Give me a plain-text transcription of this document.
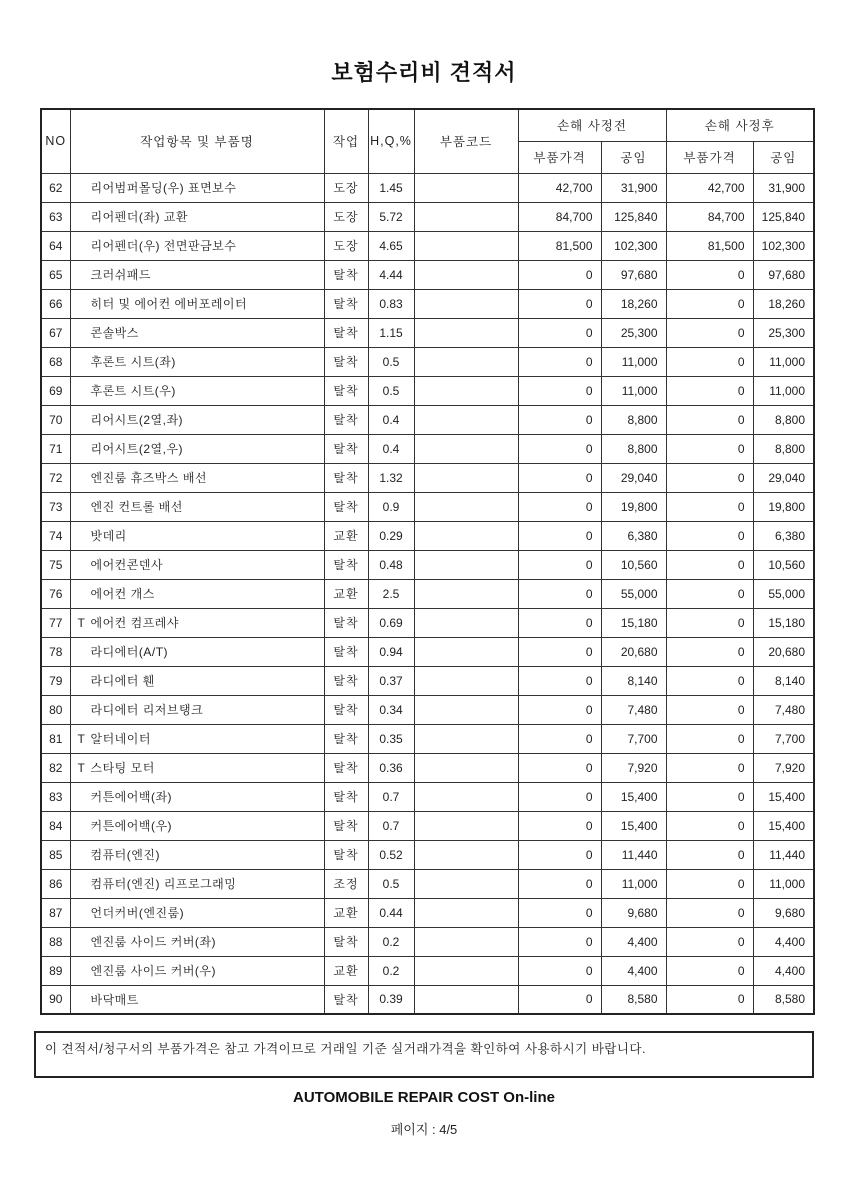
보험수리비 견적서
NO	작업항목 및 부품명	작업	H,Q,%	부품코드	손해 사정전		손해 사정후	
					부품가격	공임	부품가격	공임
62	리어범퍼몰딩(우) 표면보수	도장	1.45		42,700	31,900	42,700	31,900
63	리어펜더(좌) 교환	도장	5.72		84,700	125,840	84,700	125,840
64	리어펜더(우) 전면판금보수	도장	4.65		81,500	102,300	81,500	102,300
65	크러쉬패드	탈착	4.44		0	97,680	0	97,680
66	히터 및 에어컨 에버포레이터	탈착	0.83		0	18,260	0	18,260
67	콘솔박스	탈착	1.15		0	25,300	0	25,300
68	후론트 시트(좌)	탈착	0.5		0	11,000	0	11,000
69	후론트 시트(우)	탈착	0.5		0	11,000	0	11,000
70	리어시트(2열,좌)	탈착	0.4		0	8,800	0	8,800
71	리어시트(2열,우)	탈착	0.4		0	8,800	0	8,800
72	엔진룸 휴즈박스 배선	탈착	1.32		0	29,040	0	29,040
73	엔진 컨트롤 배선	탈착	0.9		0	19,800	0	19,800
74	밧데리	교환	0.29		0	6,380	0	6,380
75	에어컨콘덴사	탈착	0.48		0	10,560	0	10,560
76	에어컨 개스	교환	2.5		0	55,000	0	55,000
77	T 에어컨 컴프레샤	탈착	0.69		0	15,180	0	15,180
78	라디에터(A/T)	탈착	0.94		0	20,680	0	20,680
79	라디에터 휀	탈착	0.37		0	8,140	0	8,140
80	라디에터 리저브탱크	탈착	0.34		0	7,480	0	7,480
81	T 알터네이터	탈착	0.35		0	7,700	0	7,700
82	T 스타팅 모터	탈착	0.36		0	7,920	0	7,920
83	커튼에어백(좌)	탈착	0.7		0	15,400	0	15,400
84	커튼에어백(우)	탈착	0.7		0	15,400	0	15,400
85	컴퓨터(엔진)	탈착	0.52		0	11,440	0	11,440
86	컴퓨터(엔진) 리프로그래밍	조정	0.5		0	11,000	0	11,000
87	언더커버(엔진룸)	교환	0.44		0	9,680	0	9,680
88	엔진룸 사이드 커버(좌)	탈착	0.2		0	4,400	0	4,400
89	엔진룸 사이드 커버(우)	교환	0.2		0	4,400	0	4,400
90	바닥매트	탈착	0.39		0	8,580	0	8,580
이 견적서/청구서의 부품가격은 참고 가격이므로 거래일 기준 실거래가격을 확인하여 사용하시기 바랍니다.
AUTOMOBILE REPAIR COST On-line
페이지 : 4/5
